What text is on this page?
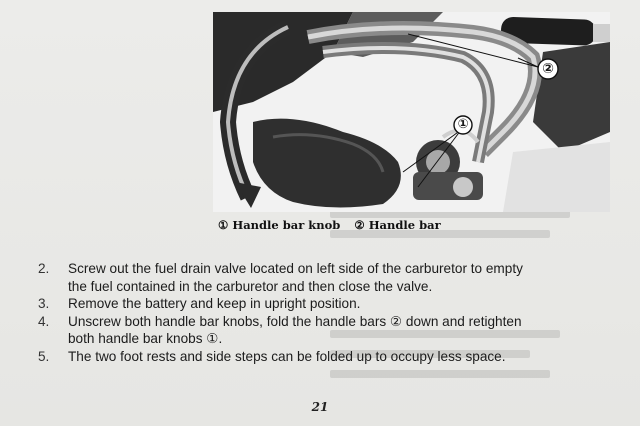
①
②
① Handle bar knob ② Handle bar
2.	Screw out the fuel drain valve located on left side of the carburetor to empty
the fuel contained in the carburetor and then close the valve.
3.	Remove the battery and keep in upright position.
4.	Unscrew both handle bar knobs, fold the handle bars ② down and retighten
both handle bar knobs ①.
5.	The two foot rests and side steps can be folded up to occupy less space.
21
